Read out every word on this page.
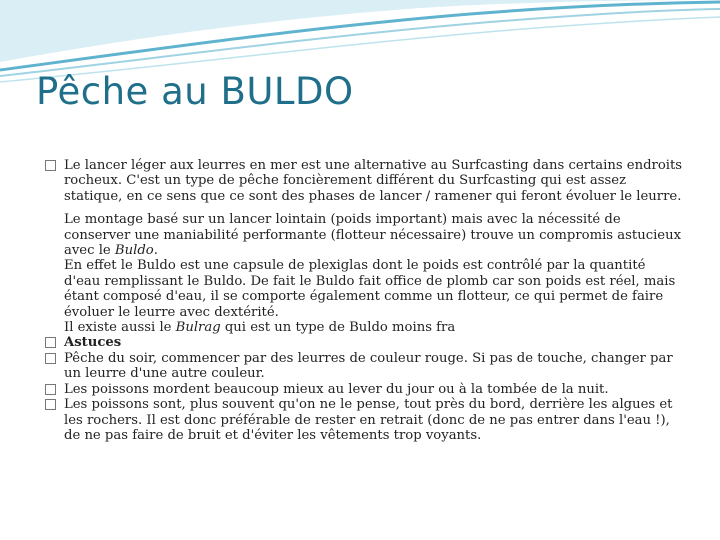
Pêche au BULDO
Le lancer léger aux leurres en mer est une alternative au Surfcasting dans certains endroits rocheux. C'est un type de pêche foncièrement différent du Surfcasting qui est assez statique, en ce sens que ce sont des phases de lancer / ramener qui feront évoluer le leurre.
Le montage basé sur un lancer lointain (poids important) mais avec la nécessité de conserver une maniabilité performante (flotteur nécessaire) trouve un compromis astucieux avec le Buldo.
En effet le Buldo est une capsule de plexiglas dont le poids est contrôlé par la quantité d'eau remplissant le Buldo. De fait le Buldo fait office de plomb car son poids est réel, mais étant composé d'eau, il se comporte également comme un flotteur, ce qui permet de faire évoluer le leurre avec dextérité.
Il existe aussi le Bulrag qui est un type de Buldo moins fra
Astuces
Pêche du soir, commencer par des leurres de couleur rouge. Si pas de touche, changer par un leurre d'une autre couleur.
Les poissons mordent beaucoup mieux au lever du jour ou à la tombée de la nuit.
Les poissons sont, plus souvent qu'on ne le pense, tout près du bord, derrière les algues et les rochers. Il est donc préférable de rester en retrait (donc de ne pas entrer dans l'eau !), de ne pas faire de bruit et d'éviter les vêtements trop voyants.
